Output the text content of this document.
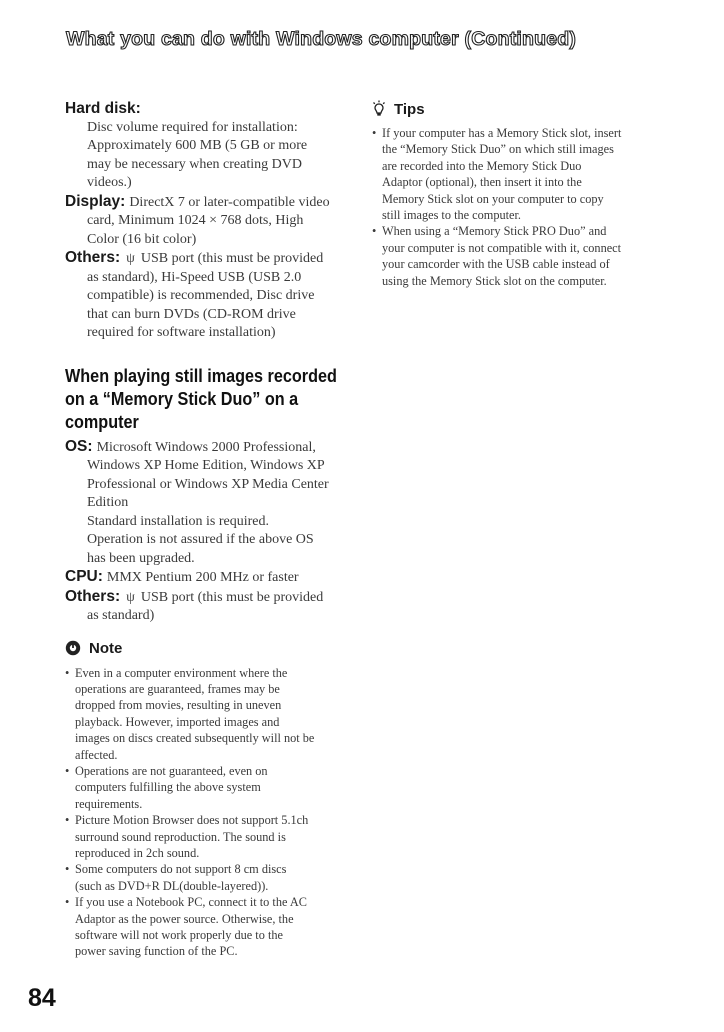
What you can do with Windows computer (Continued)
Hard disk:
Disc volume required for installation:
Approximately 600 MB (5 GB or more
may be necessary when creating DVD
videos.)
Display: DirectX 7 or later-compatible video
card, Minimum 1024 × 768 dots, High
Color (16 bit color)
Others: ψ USB port (this must be provided
as standard), Hi-Speed USB (USB 2.0
compatible) is recommended, Disc drive
that can burn DVDs (CD-ROM drive
required for software installation)
When playing still images recorded
on a “Memory Stick Duo” on a
computer
OS: Microsoft Windows 2000 Professional,
Windows XP Home Edition, Windows XP
Professional or Windows XP Media Center
Edition
Standard installation is required.
Operation is not assured if the above OS
has been upgraded.
CPU: MMX Pentium 200 MHz or faster
Others: ψ USB port (this must be provided
as standard)
Note
• Even in a computer environment where the
operations are guaranteed, frames may be
dropped from movies, resulting in uneven
playback. However, imported images and
images on discs created subsequently will not be
affected.
• Operations are not guaranteed, even on
computers fulfilling the above system
requirements.
• Picture Motion Browser does not support 5.1ch
surround sound reproduction. The sound is
reproduced in 2ch sound.
• Some computers do not support 8 cm discs
(such as DVD+R DL(double-layered)).
• If you use a Notebook PC, connect it to the AC
Adaptor as the power source. Otherwise, the
software will not work properly due to the
power saving function of the PC.
Tips
• If your computer has a Memory Stick slot, insert
the “Memory Stick Duo” on which still images
are recorded into the Memory Stick Duo
Adaptor (optional), then insert it into the
Memory Stick slot on your computer to copy
still images to the computer.
• When using a “Memory Stick PRO Duo” and
your computer is not compatible with it, connect
your camcorder with the USB cable instead of
using the Memory Stick slot on the computer.
84
